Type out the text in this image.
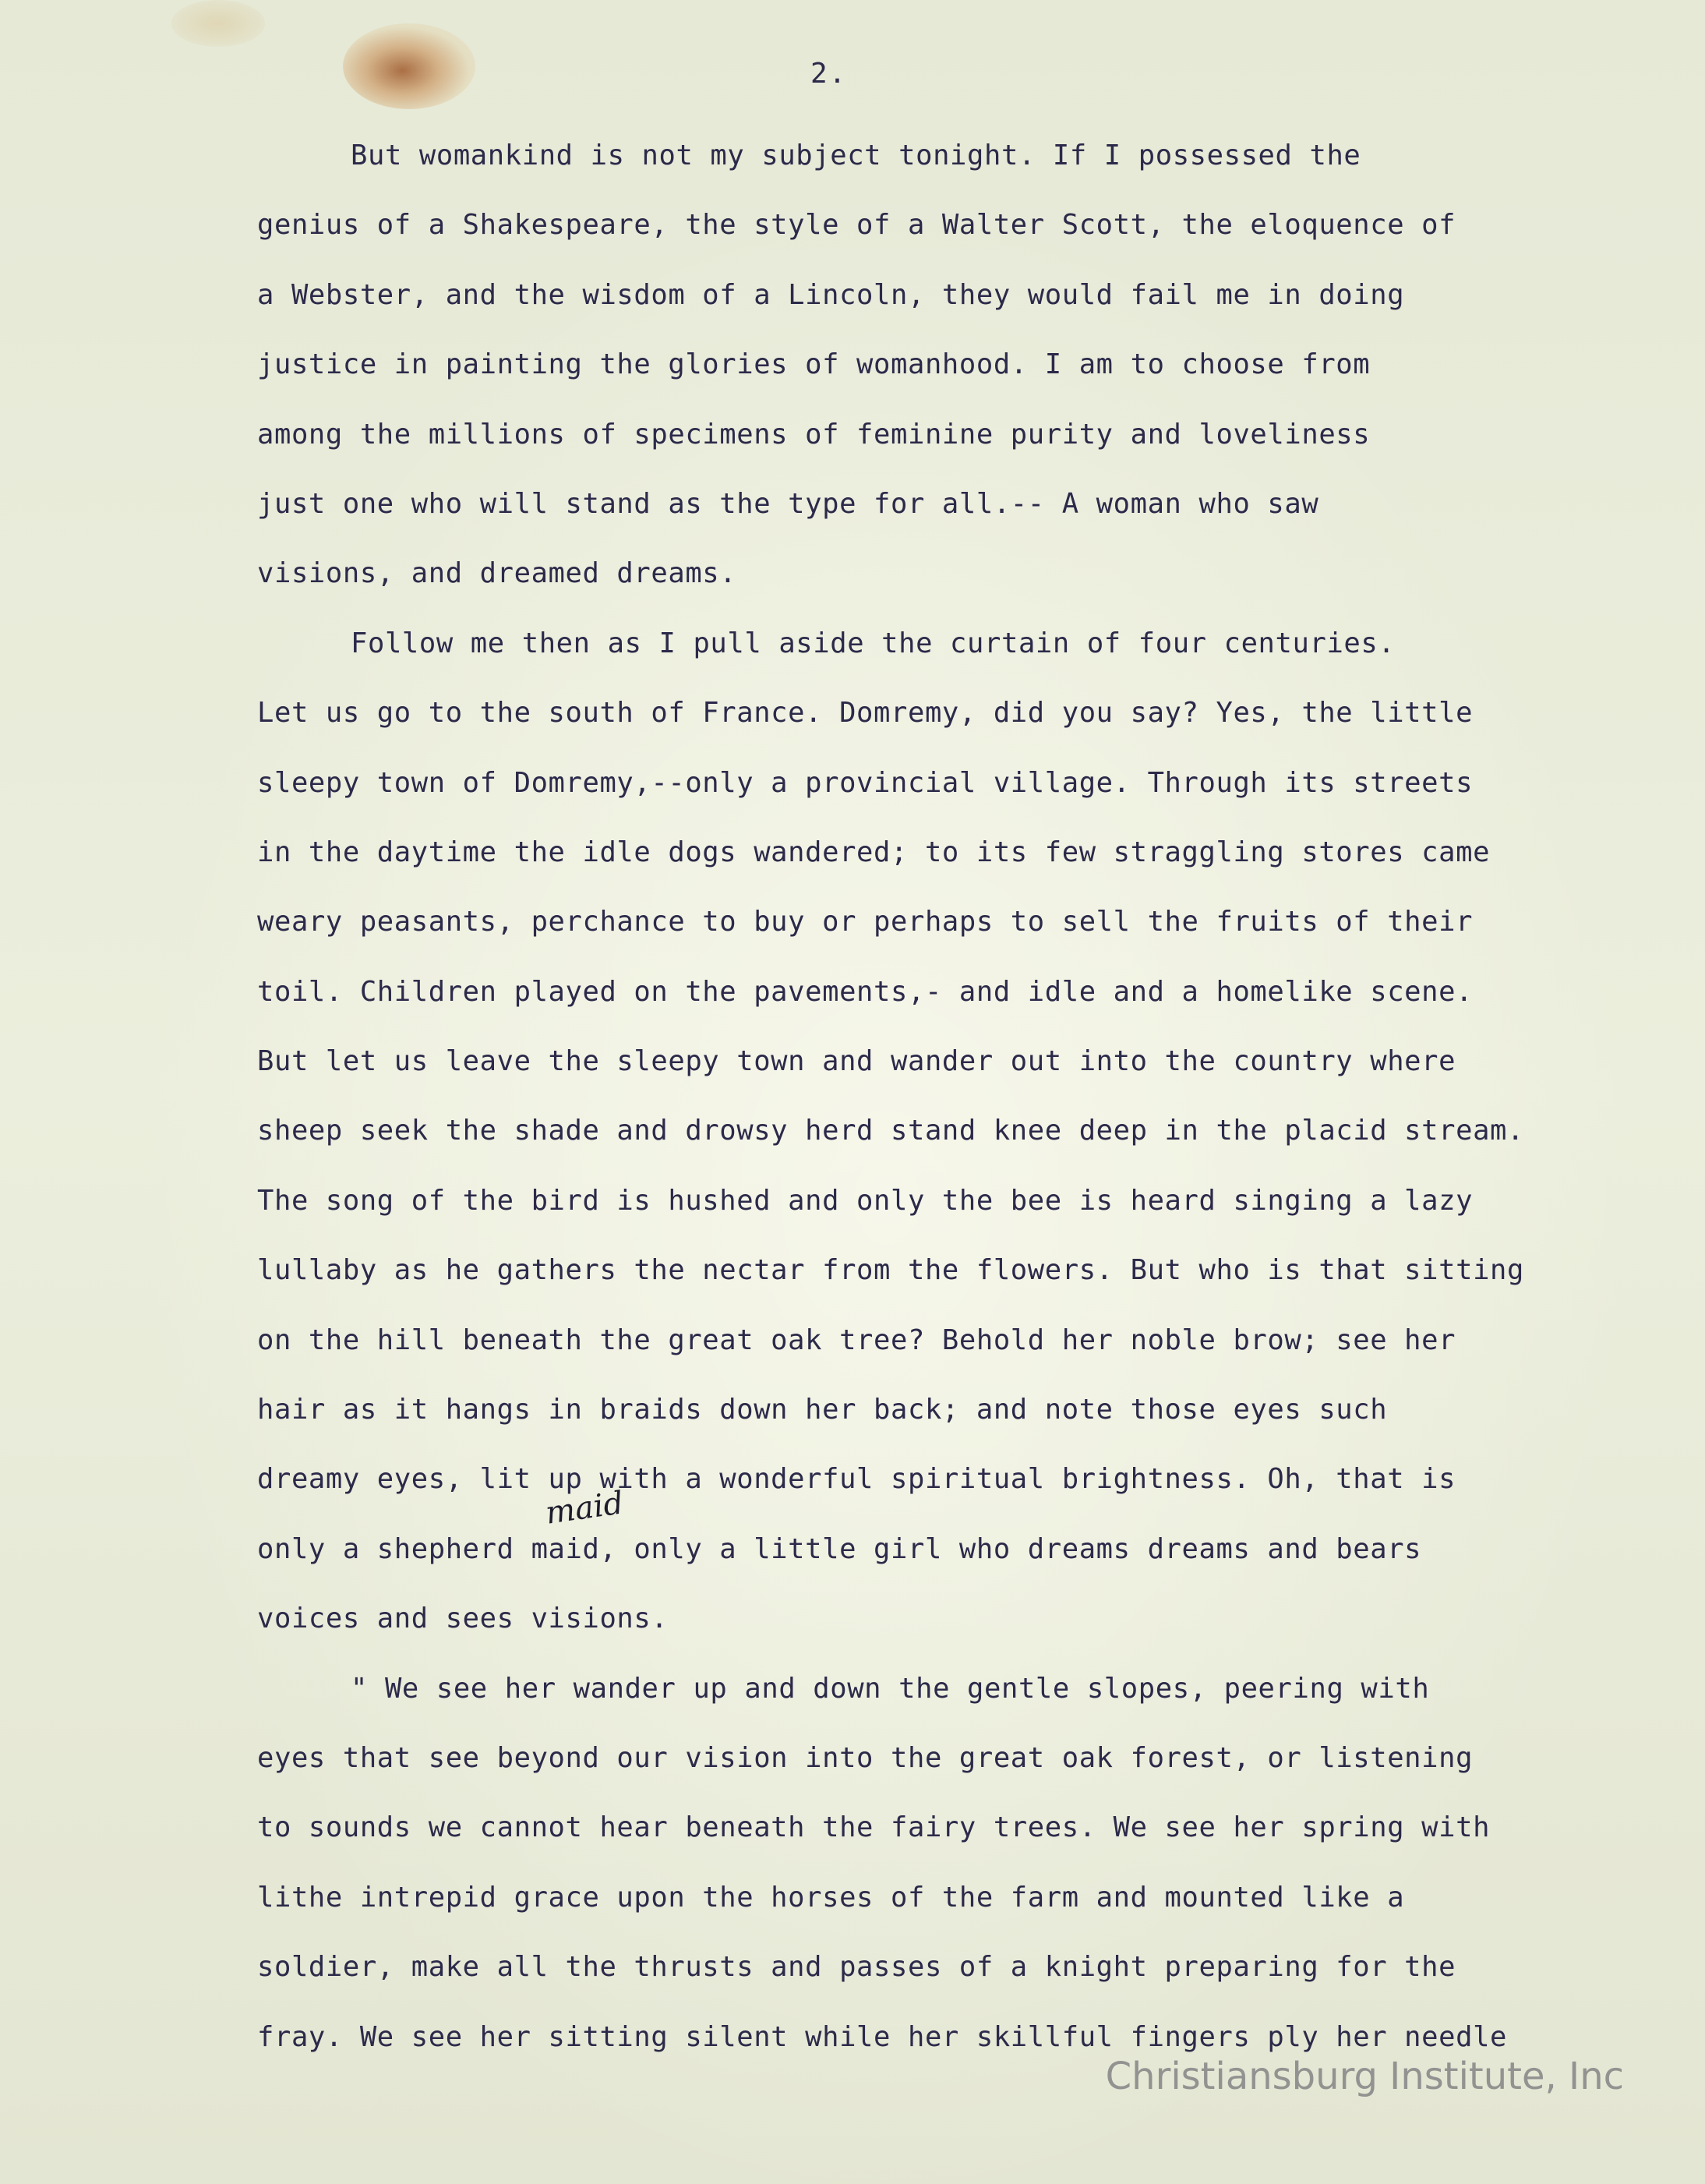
2.
But womankind is not my subject tonight. If I possessed the
genius of a Shakespeare, the style of a Walter Scott, the eloquence of
a Webster, and the wisdom of a Lincoln, they would fail me in doing
justice in painting the glories of womanhood. I am to choose from
among the millions of specimens of feminine purity and loveliness
just one who will stand as the type for all.-- A woman who saw
visions, and dreamed dreams.
Follow me then as I pull aside the curtain of four centuries.
Let us go to the south of France. Domremy, did you say? Yes, the little
sleepy town of Domremy,--only a provincial village. Through its streets
in the daytime the idle dogs wandered; to its few straggling stores came
weary peasants, perchance to buy or perhaps to sell the fruits of their
toil. Children played on the pavements,- and idle and a homelike scene.
But let us leave the sleepy town and wander out into the country where
sheep seek the shade and drowsy herd stand knee deep in the placid stream.
The song of the bird is hushed and only the bee is heard singing a lazy
lullaby as he gathers the nectar from the flowers. But who is that sitting
on the hill beneath the great oak tree? Behold her noble brow; see her
hair as it hangs in braids down her back; and note those eyes such
dreamy eyes, lit up with a wonderful spiritual brightness. Oh, that is
only a shepherd maid, only a little girl who dreams dreams and bears
voices and sees visions.
" We see her wander up and down the gentle slopes, peering with
eyes that see beyond our vision into the great oak forest, or listening
to sounds we cannot hear beneath the fairy trees. We see her spring with
lithe intrepid grace upon the horses of the farm and mounted like a
soldier, make all the thrusts and passes of a knight preparing for the
fray. We see her sitting silent while her skillful fingers ply her needle
maid
Christiansburg Institute, Inc
